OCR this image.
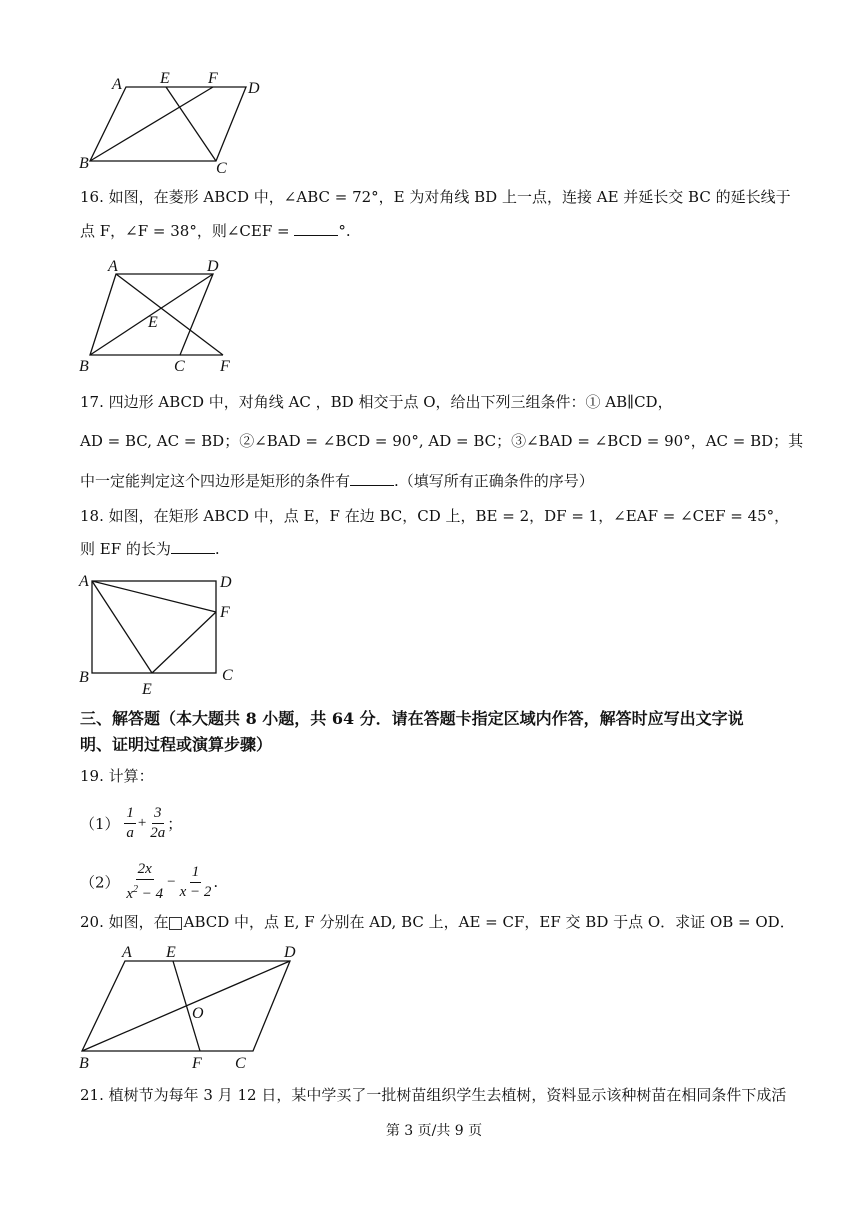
A E F
D
B	C
16. 如图，在菱形 ABCD 中，∠ABC = 72°，E 为对角线 BD 上一点，连接 AE 并延长交 BC 的延长线于
点 F，∠F = 38°，则∠CEF =	°.
A	D
E
B	C F
17. 四边形 ABCD 中，对角线 AC ，BD 相交于点 O，给出下列三组条件：① AB∥CD，
AD = BC, AC = BD；②∠BAD = ∠BCD = 90°, AD = BC；③∠BAD = ∠BCD = 90°，AC = BD；其
中一定能判定这个四边形是矩形的条件有	.（填写所有正确条件的序号）
18. 如图，在矩形 ABCD 中，点 E，F 在边 BC，CD 上，BE = 2，DF = 1，∠EAF = ∠CEF = 45°，
则 EF 的长为	.
A	D
F
B	C
E
三、解答题（本大题共 8 小题，共 64 分．请在答题卡指定区域内作答，解答时应写出文字说
明、证明过程或演算步骤）
19. 计算：
$(1) \frac{1}{a} + \frac{3}{2a}$ ；
$(2) \frac{2x}{x^2 - 4} - \frac{1}{x - 2}$ .
20. 如图，在 ABCD 中，点 E, F 分别在 AD, BC 上，AE = CF，EF 交 BD 于点 O．求证 OB = OD．
A E	D
O
B	F C
21. 植树节为每年 3 月 12 日，某中学买了一批树苗组织学生去植树，资料显示该种树苗在相同条件下成活
第 3 页/共 9 页
